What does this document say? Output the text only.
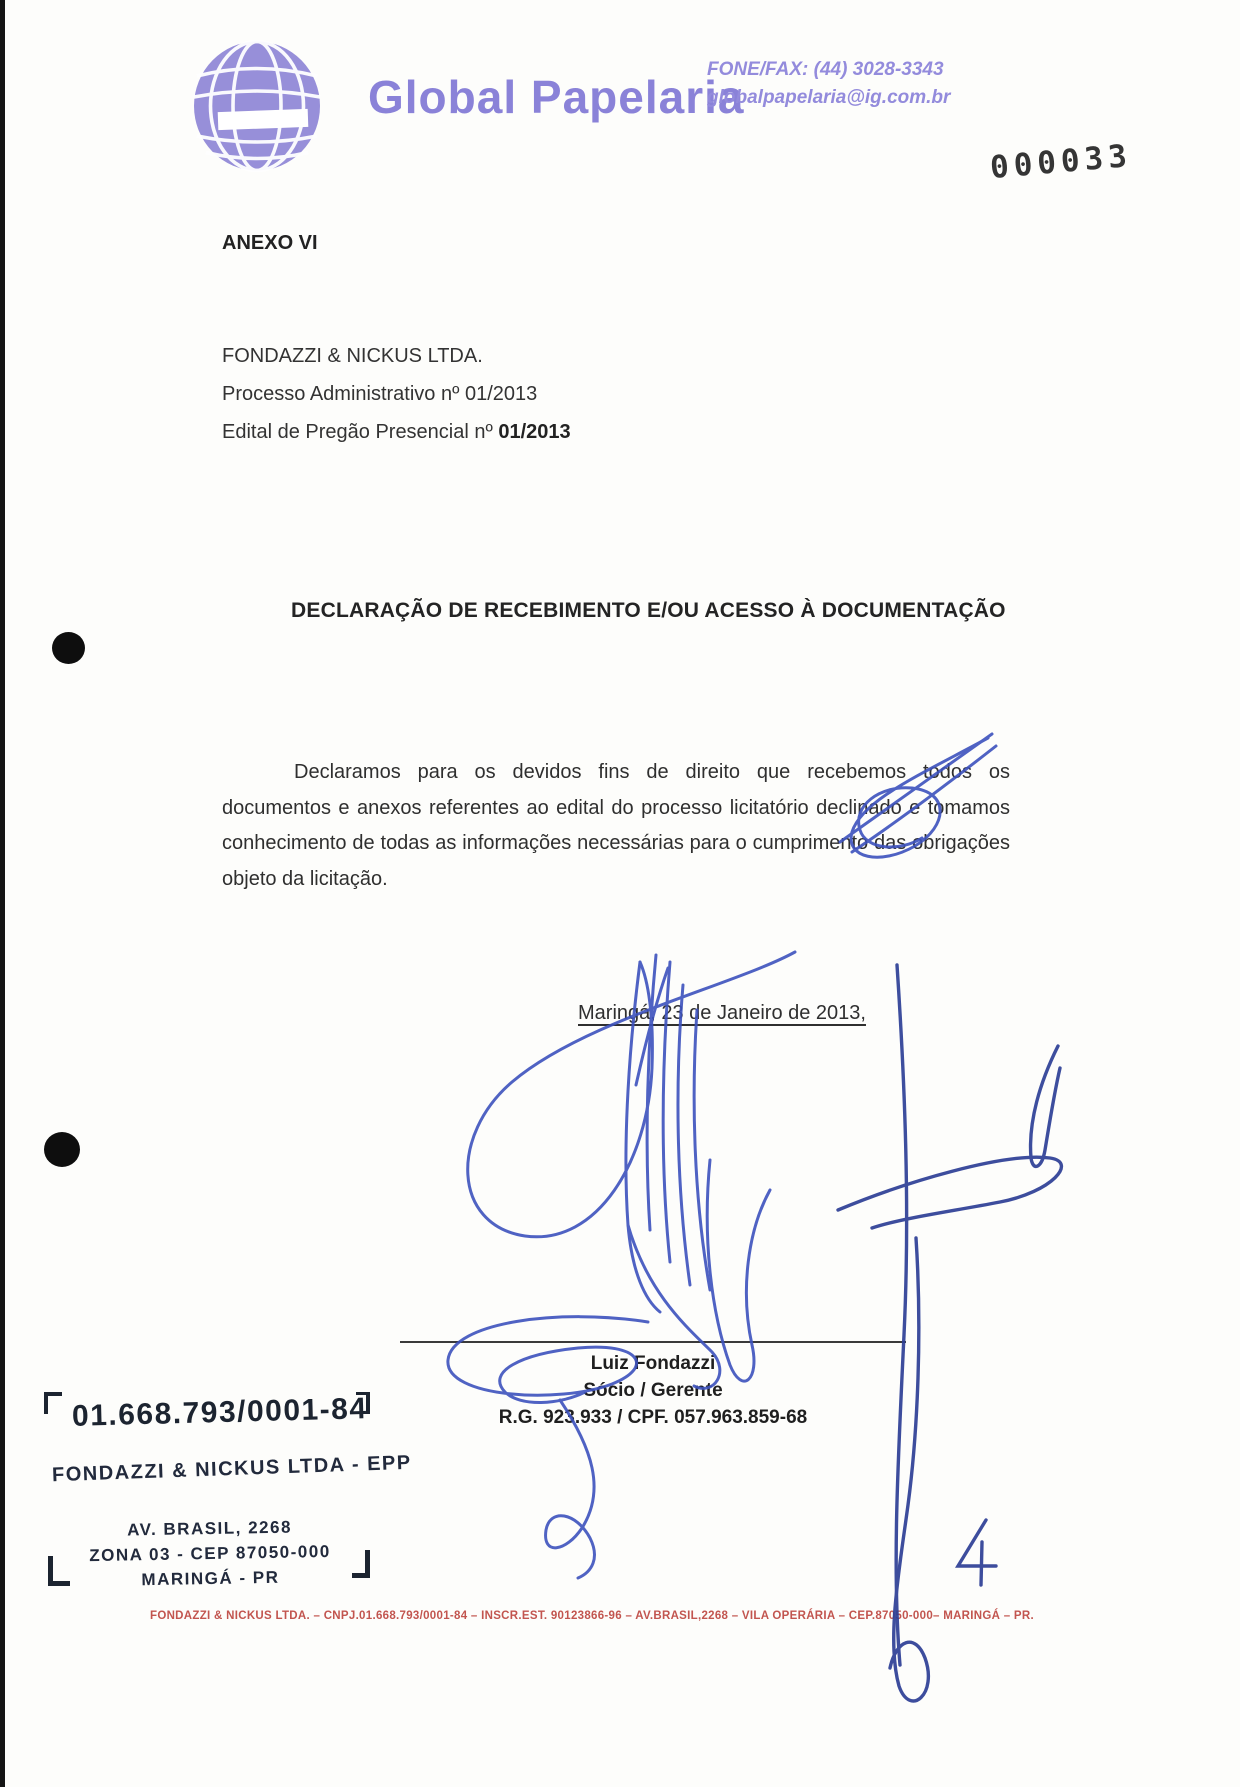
Global Papelaria
FONE/FAX: (44) 3028-3343
globalpapelaria@ig.com.br
000033
ANEXO VI
FONDAZZI & NICKUS LTDA.
Processo Administrativo nº 01/2013
Edital de Pregão Presencial nº 01/2013
DECLARAÇÃO DE RECEBIMENTO E/OU ACESSO À DOCUMENTAÇÃO

Declaramos para os devidos fins de direito que recebemos todos os documentos e anexos referentes ao edital do processo licitatório declinado e tomamos conhecimento de todas as informações necessárias para o cumprimento das obrigações objeto da licitação.

Maringá, 23 de Janeiro de 2013,
Luiz Fondazzi
Sócio / Gerente
R.G. 923.933 / CPF. 057.963.859-68
01.668.793/0001-84
FONDAZZI & NICKUS LTDA - EPP
AV. BRASIL, 2268
ZONA 03 - CEP 87050-000
MARINGÁ - PR
FONDAZZI & NICKUS LTDA. – CNPJ.01.668.793/0001-84 – INSCR.EST. 90123866-96 – AV.BRASIL,2268 – VILA OPERÁRIA – CEP.87050-000– MARINGÁ – PR.
